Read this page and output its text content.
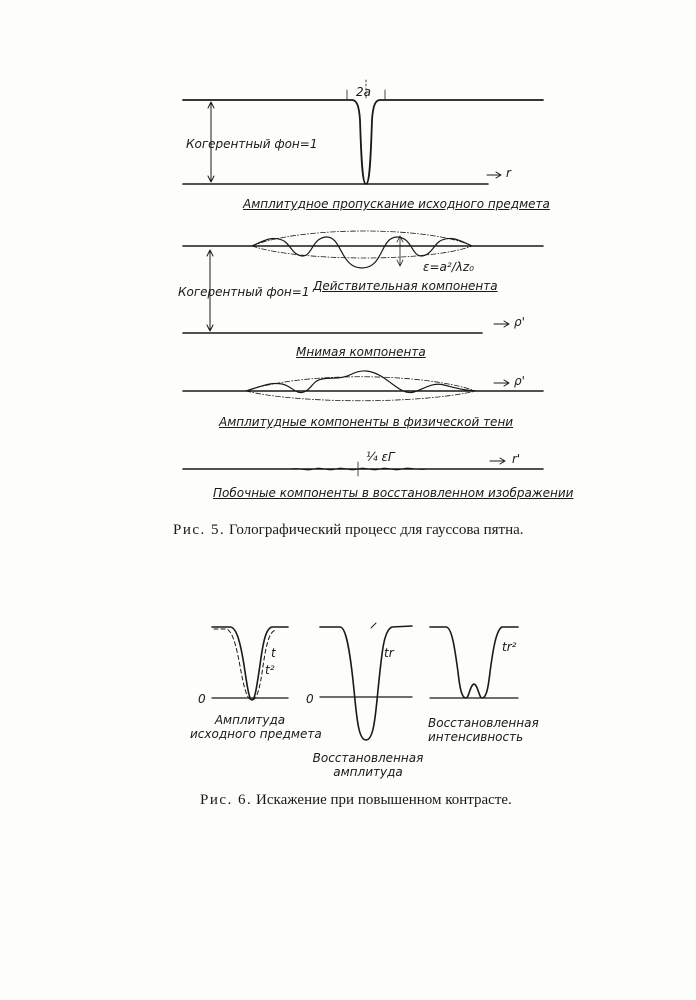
2a
Когерентный фон=1
r
Амплитудное пропускание исходного предмета
ε=a²/λz₀
Когерентный фон=1 Действительная компонента
ρ'
Мнимая компонента
ρ'
Амплитудные компоненты в физической тени
¼ εΓ	r'
Побочные компоненты в восстановленном изображении
Рис. 5. Голографический процесс для гауссова пятна.
0	0
t
t²
tr	tr²
Амплитуда
исходного предмета
Восстановленная
амплитуда
Восстановленная
интенсивность
Рис. 6. Искажение при повышенном контрасте.
